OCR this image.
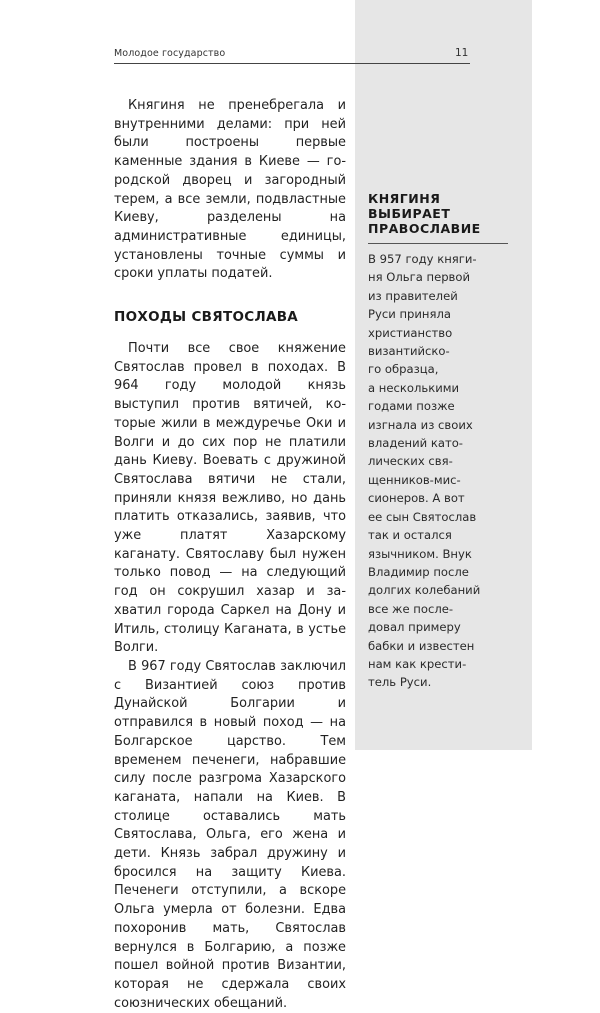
Молодое государство	11

Княгиня не пренебрегала и внутренними делами: при ней были построены первые каменные здания в Киеве — городской дворец и загородный терем, а все земли, подвластные Киеву, разделены на административные единицы, установлены точные суммы и сроки уплаты податей.

ПОХОДЫ СВЯТОСЛАВА

Почти все свое княжение Святослав провел в походах. В 964 году молодой князь выступил против вятичей, которые жили в междуречье Оки и Волги и до сих пор не платили дань Киеву. Воевать с дружиной Святослава вятичи не стали, приняли князя вежливо, но дань платить отказались, заявив, что уже платят Хазарскому каганату. Святославу был нужен только повод — на следующий год он сокрушил хазар и захватил города Саркел на Дону и Итиль, столицу Каганата, в устье Волги.

В 967 году Святослав заключил с Византией союз против Дунайской Болгарии и отправился в новый поход — на Болгарское царство. Тем временем печенеги, набравшие силу после разгрома Хазарского каганата, напали на Киев. В столице оставались мать Святослава, Ольга, его жена и дети. Князь забрал дружину и бросился на защиту Киева. Печенеги отступили, а вскоре Ольга умерла от болезни. Едва похоронив мать, Святослав вернулся в Болгарию, а позже пошел войной против Византии, которая не сдержала своих союзнических обещаний.

КНЯГИНЯ
ВЫБИРАЕТ
ПРАВОСЛАВИЕ

В 957 году княги-
ня Ольга первой
из правителей
Руси приняла
христианство
византийско-
го образца,
а несколькими
годами позже
изгнала из своих
владений като-
лических свя-
щенников-мис-
сионеров. А вот
ее сын Святослав
так и остался
язычником. Внук
Владимир после
долгих колебаний
все же после-
довал примеру
бабки и известен
нам как крести-
тель Руси.
